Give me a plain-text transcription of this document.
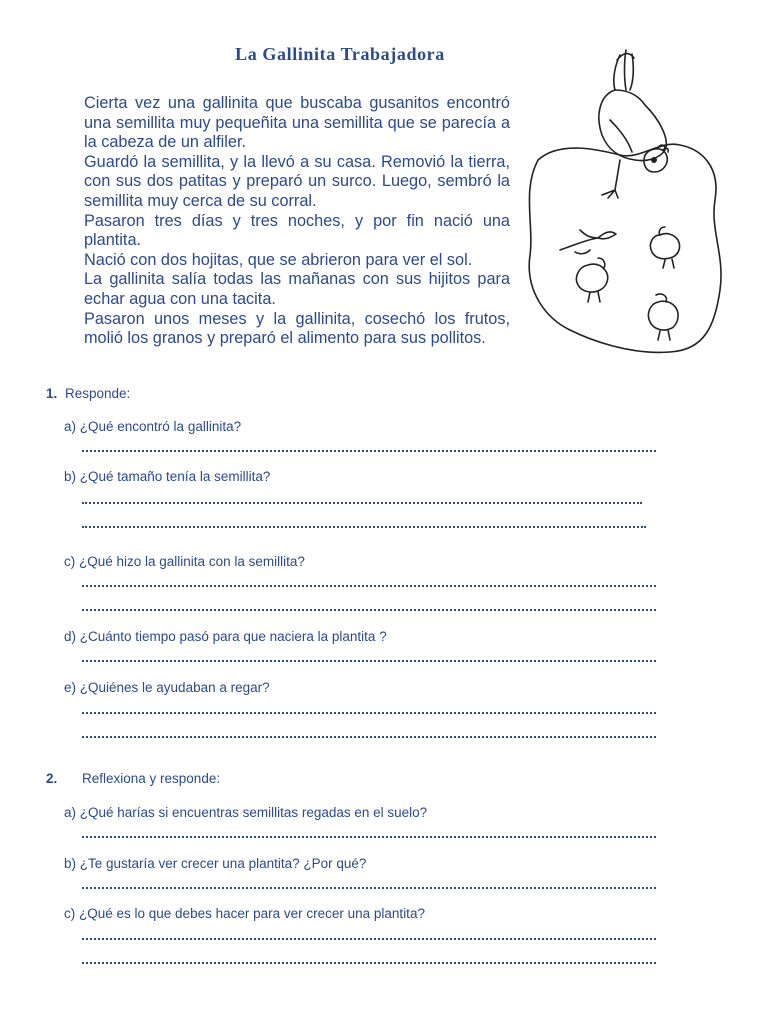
La Gallinita Trabajadora

Cierta vez una gallinita que buscaba gusanitos encontró una semillita muy pequeñita una semillita que se parecía a la cabeza de un alfiler.

Guardó la semillita, y la llevó a su casa. Removió la tierra, con sus dos patitas y preparó un surco. Luego, sembró la semillita muy cerca de su corral.

Pasaron tres días y tres noches, y por fin nació una plantita.

Nació con dos hojitas, que se abrieron para ver el sol.

La gallinita salía todas las mañanas con sus hijitos para echar agua con una tacita.

Pasaron unos meses y la gallinita, cosechó los frutos, molió los granos y preparó el alimento para sus pollitos.

1. Responde:
a) ¿Qué encontró la gallinita?
b) ¿Qué tamaño tenía la semillita?
c) ¿Qué hizo la gallinita con la semillita?
d) ¿Cuánto tiempo pasó para que naciera la plantita ?
e) ¿Quiénes le ayudaban a regar?
2. Reflexiona y responde:
a) ¿Qué harías si encuentras semillitas regadas en el suelo?
b) ¿Te gustaría ver crecer una plantita? ¿Por qué?
c) ¿Qué es lo que debes hacer para ver crecer una plantita?
